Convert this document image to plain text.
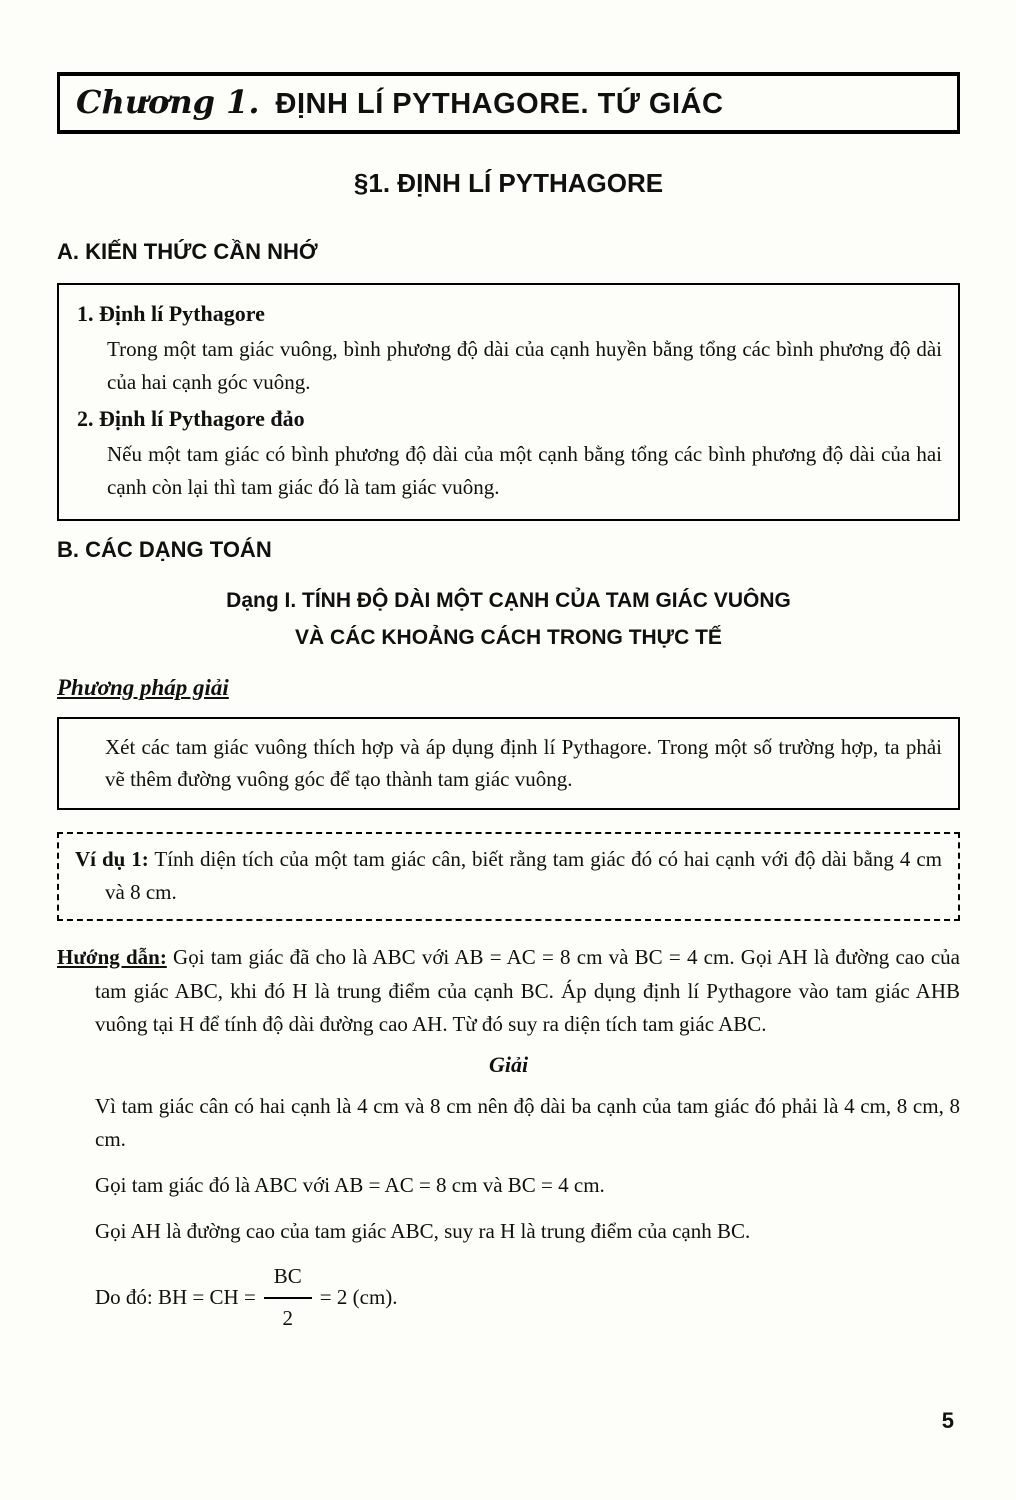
Chương 1. ĐỊNH LÍ PYTHAGORE. TỨ GIÁC
§1. ĐỊNH LÍ PYTHAGORE
A. KIẾN THỨC CẦN NHỚ

1. Định lí Pythagore

Trong một tam giác vuông, bình phương độ dài của cạnh huyền bằng tổng các bình phương độ dài của hai cạnh góc vuông.

2. Định lí Pythagore đảo

Nếu một tam giác có bình phương độ dài của một cạnh bằng tổng các bình phương độ dài của hai cạnh còn lại thì tam giác đó là tam giác vuông.

B. CÁC DẠNG TOÁN
Dạng I. TÍNH ĐỘ DÀI MỘT CẠNH CỦA TAM GIÁC VUÔNG
VÀ CÁC KHOẢNG CÁCH TRONG THỰC TẾ

Phương pháp giải

Xét các tam giác vuông thích hợp và áp dụng định lí Pythagore. Trong một số trường hợp, ta phải vẽ thêm đường vuông góc để tạo thành tam giác vuông.

Ví dụ 1: Tính diện tích của một tam giác cân, biết rằng tam giác đó có hai cạnh với độ dài bằng 4 cm và 8 cm.

Hướng dẫn: Gọi tam giác đã cho là ABC với AB = AC = 8 cm và BC = 4 cm. Gọi AH là đường cao của tam giác ABC, khi đó H là trung điểm của cạnh BC. Áp dụng định lí Pythagore vào tam giác AHB vuông tại H để tính độ dài đường cao AH. Từ đó suy ra diện tích tam giác ABC.

Giải

Vì tam giác cân có hai cạnh là 4 cm và 8 cm nên độ dài ba cạnh của tam giác đó phải là 4 cm, 8 cm, 8 cm.

Gọi tam giác đó là ABC với AB = AC = 8 cm và BC = 4 cm.

Gọi AH là đường cao của tam giác ABC, suy ra H là trung điểm của cạnh BC.

Do đó: BH = CH = $\frac{BC}{2} = 2$ (cm).

5
